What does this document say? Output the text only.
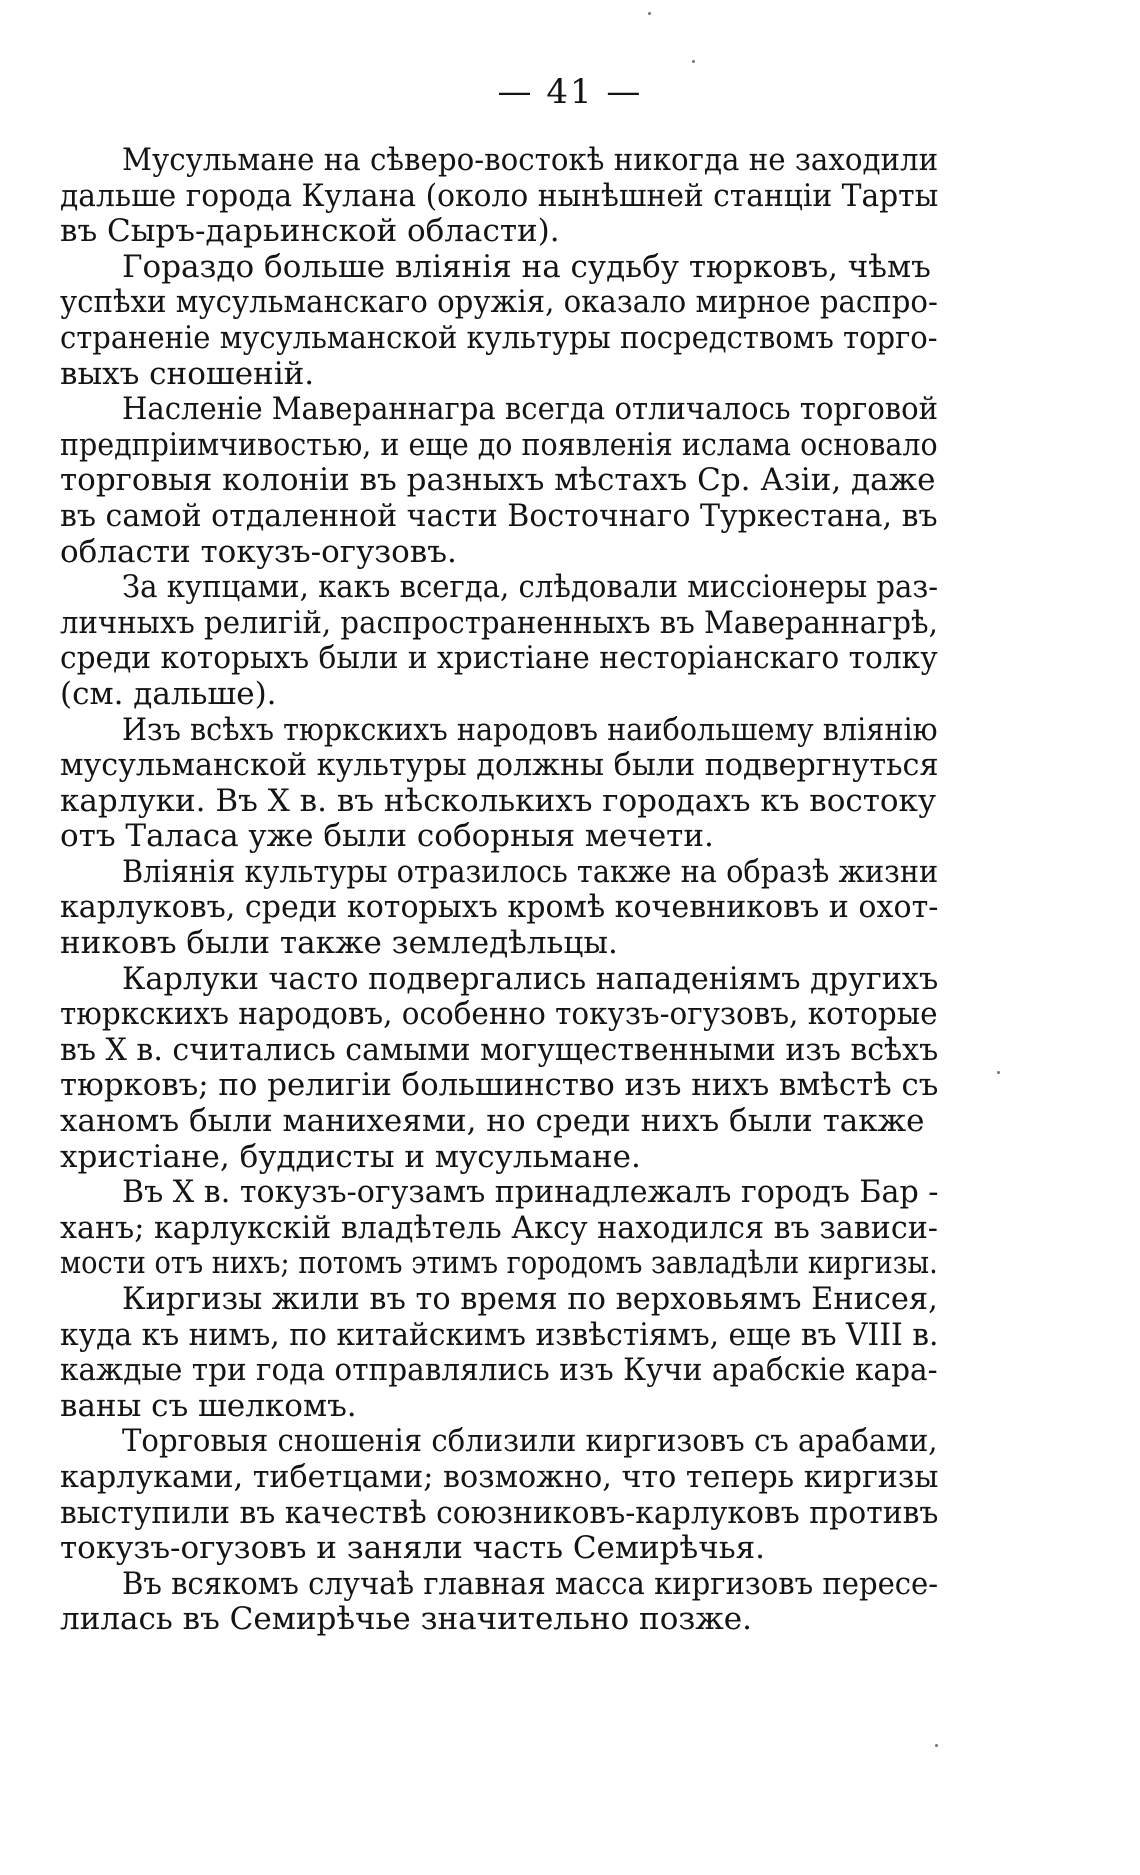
— 41 —

Мусульмане на сѣверо-востокѣ никогда не заходили
дальше города Кулана (около нынѣшней станціи Тарты
въ Сыръ-дарьинской области).

Гораздо больше вліянія на судьбу тюрковъ, чѣмъ
успѣхи мусульманскаго оружія, оказало мирное распро-
страненіе мусульманской культуры посредствомъ торго-
выхъ сношеній.

Насленіе Мавераннагра всегда отличалось торговой
предпріимчивостью, и еще до появленія ислама основало
торговыя колоніи въ разныхъ мѣстахъ Ср. Азіи, даже
въ самой отдаленной части Восточнаго Туркестана, въ
области токузъ-огузовъ.

За купцами, какъ всегда, слѣдовали миссіонеры раз-
личныхъ религій, распространенныхъ въ Мавераннагрѣ,
среди которыхъ были и христіане несторіанскаго толку
(см. дальше).

Изъ всѣхъ тюркскихъ народовъ наибольшему вліянію
мусульманской культуры должны были подвергнуться
карлуки. Въ X в. въ нѣсколькихъ городахъ къ востоку
отъ Таласа уже были соборныя мечети.

Вліянія культуры отразилось также на образѣ жизни
карлуковъ, среди которыхъ кромѣ кочевниковъ и охот-
никовъ были также земледѣльцы.

Карлуки часто подвергались нападеніямъ другихъ
тюркскихъ народовъ, особенно токузъ-огузовъ, которые
въ X в. считались самыми могущественными изъ всѣхъ
тюрковъ; по религіи большинство изъ нихъ вмѣстѣ съ
ханомъ были манихеями, но среди нихъ были также
христіане, буддисты и мусульмане.

Въ X в. токузъ-огузамъ принадлежалъ городъ Бар -
ханъ; карлукскій владѣтель Аксу находился въ зависи-
мости отъ нихъ; потомъ этимъ городомъ завладѣли киргизы.

Киргизы жили въ то время по верховьямъ Енисея,
куда къ нимъ, по китайскимъ извѣстіямъ, еще въ VIII в.
каждые три года отправлялись изъ Кучи арабскіе кара-
ваны съ шелкомъ.

Торговыя сношенія сблизили киргизовъ съ арабами,
карлуками, тибетцами; возможно, что теперь киргизы
выступили въ качествѣ союзниковъ-карлуковъ противъ
токузъ-огузовъ и заняли часть Семирѣчья.

Въ всякомъ случаѣ главная масса киргизовъ пересе-
лилась въ Семирѣчье значительно позже.
